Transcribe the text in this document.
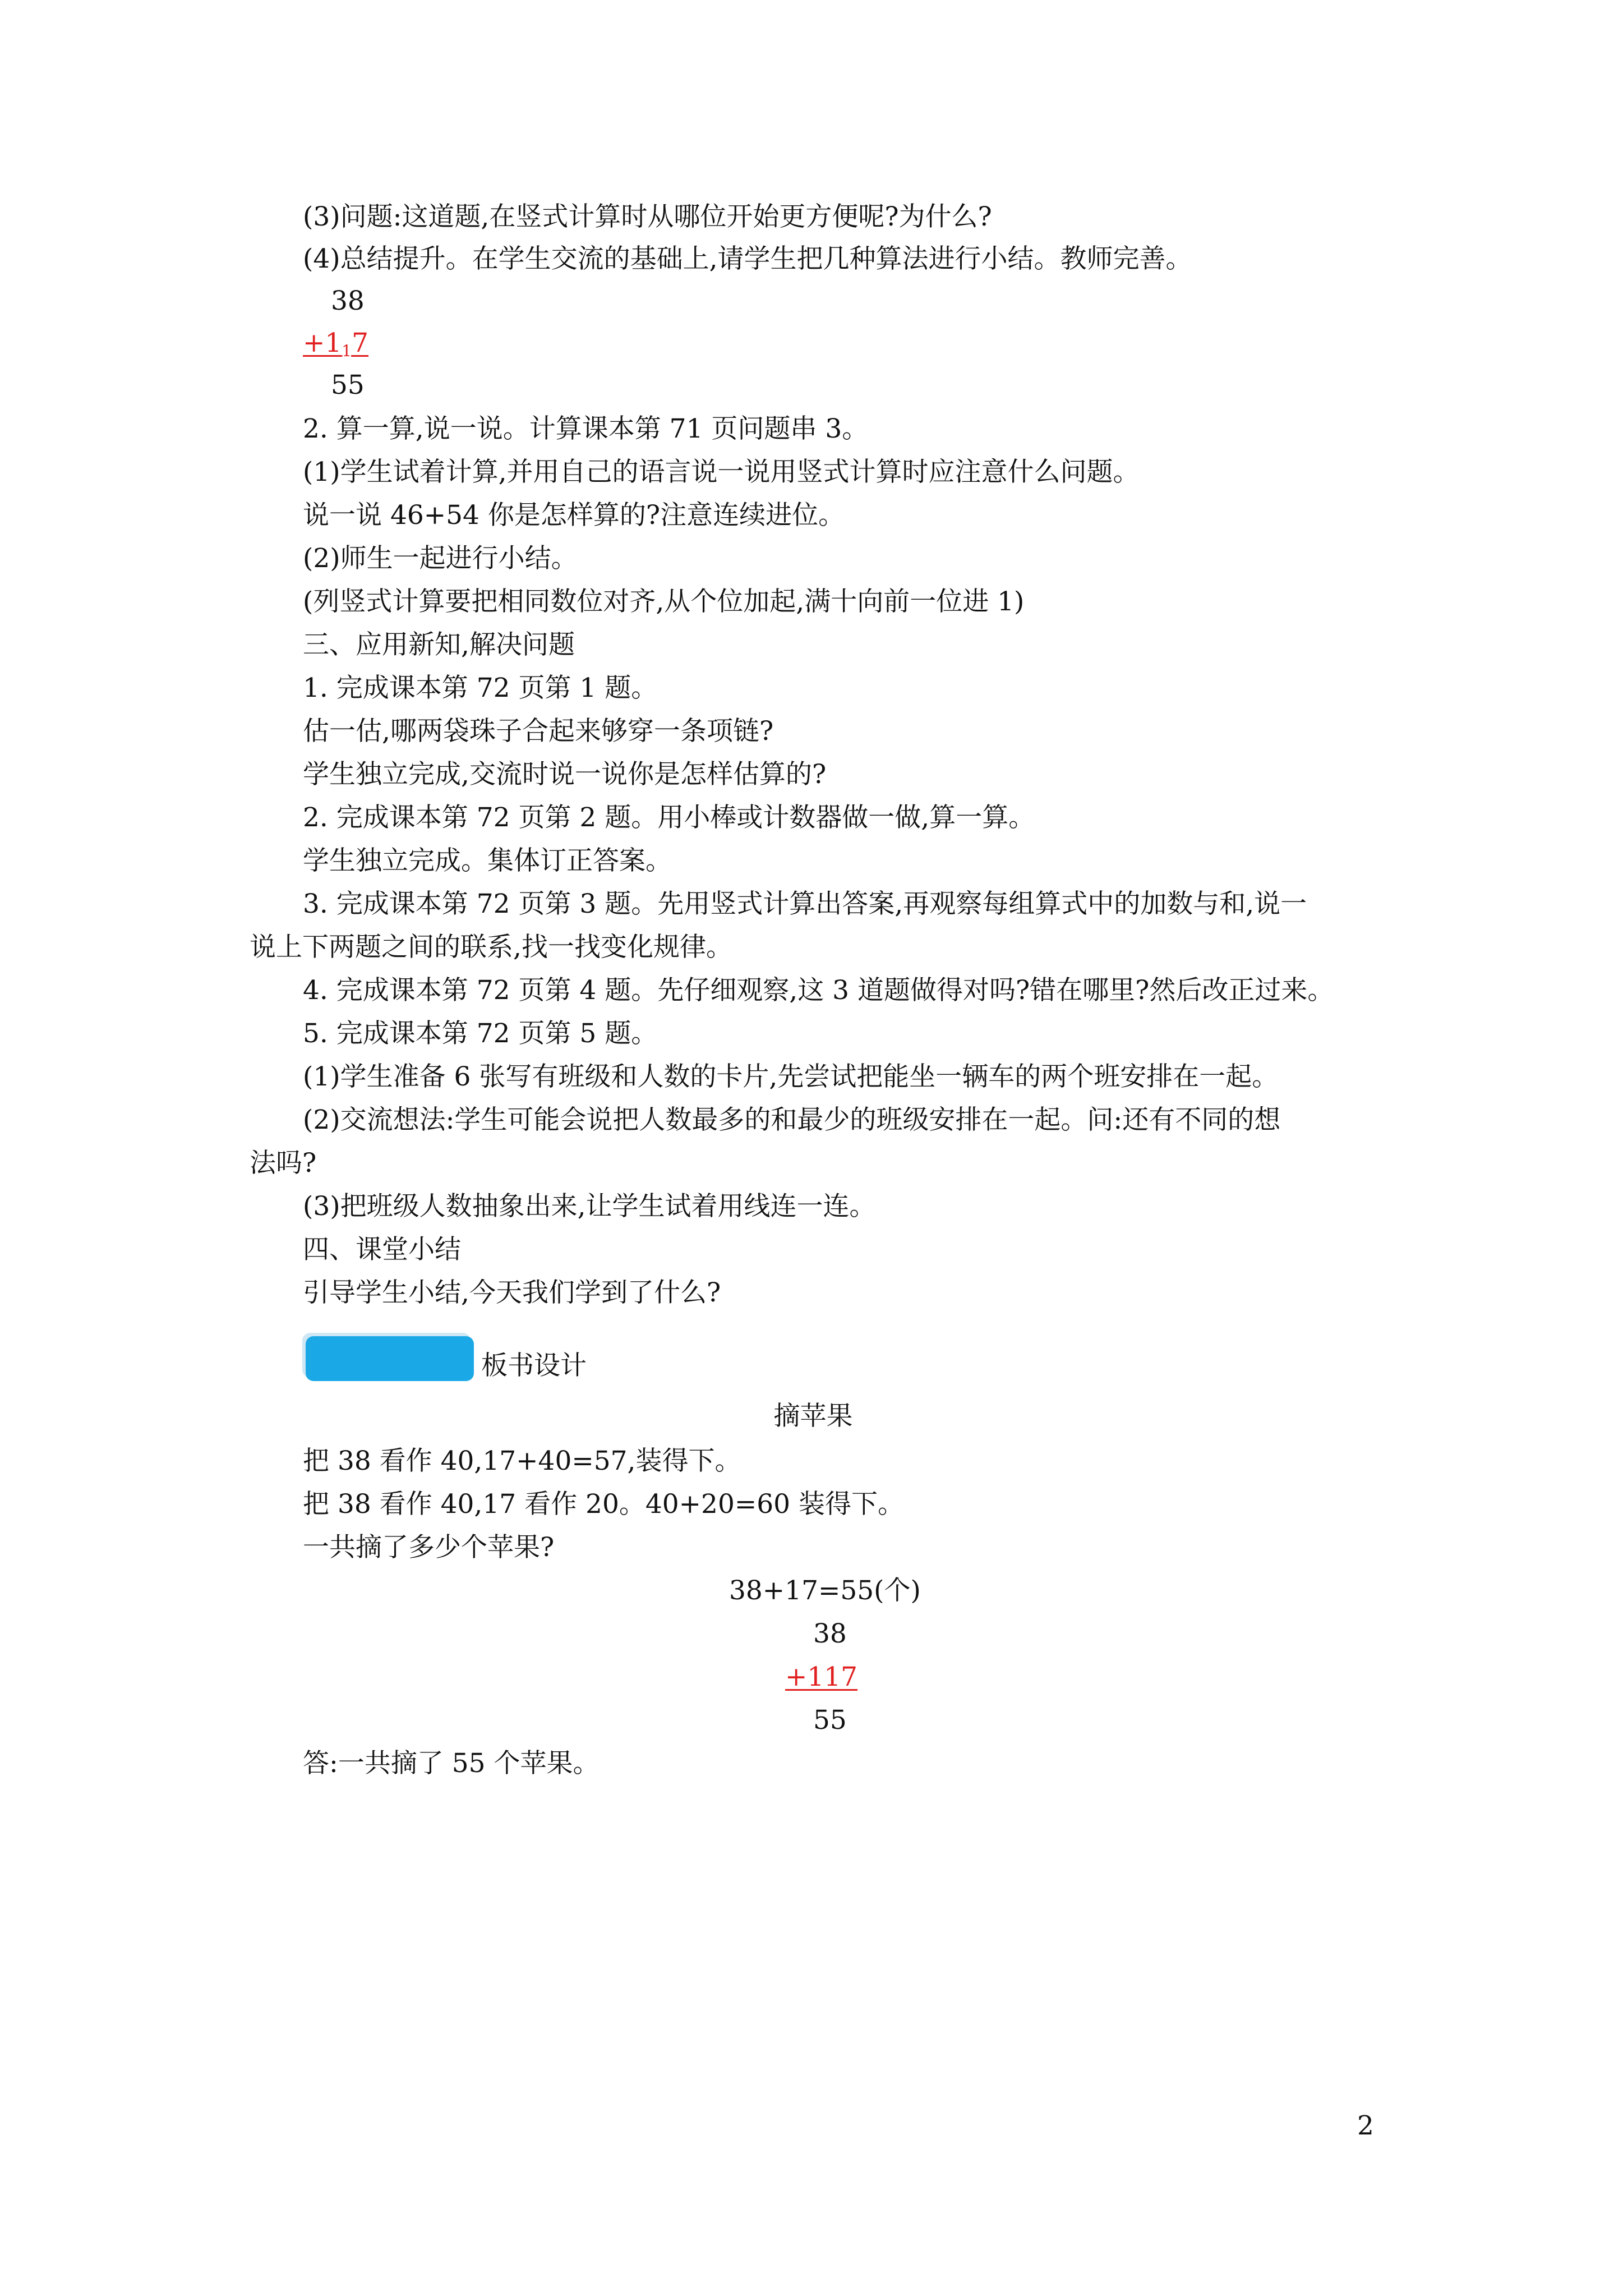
(3)问题:这道题,在竖式计算时从哪位开始更方便呢?为什么?
(4)总结提升。在学生交流的基础上,请学生把几种算法进行小结。教师完善。
38
$+1_17$
55
2. 算一算,说一说。计算课本第 71 页问题串 3。
(1)学生试着计算,并用自己的语言说一说用竖式计算时应注意什么问题。
说一说 46+54 你是怎样算的?注意连续进位。
(2)师生一起进行小结。
(列竖式计算要把相同数位对齐,从个位加起,满十向前一位进 1)
三、应用新知,解决问题
1. 完成课本第 72 页第 1 题。
估一估,哪两袋珠子合起来够穿一条项链?
学生独立完成,交流时说一说你是怎样估算的?
2. 完成课本第 72 页第 2 题。用小棒或计数器做一做,算一算。
学生独立完成。集体订正答案。
3. 完成课本第 72 页第 3 题。先用竖式计算出答案,再观察每组算式中的加数与和,说一
说上下两题之间的联系,找一找变化规律。
4. 完成课本第 72 页第 4 题。先仔细观察,这 3 道题做得对吗?错在哪里?然后改正过来。
5. 完成课本第 72 页第 5 题。
(1)学生准备 6 张写有班级和人数的卡片,先尝试把能坐一辆车的两个班安排在一起。
(2)交流想法:学生可能会说把人数最多的和最少的班级安排在一起。问:还有不同的想
法吗?
(3)把班级人数抽象出来,让学生试着用线连一连。
四、课堂小结
引导学生小结,今天我们学到了什么?
板书设计
摘苹果
把 38 看作 40,17+40=57,装得下。
把 38 看作 40,17 看作 20。40+20=60 装得下。
一共摘了多少个苹果?
38+17=55(个)
38
+117
55
答:一共摘了 55 个苹果。
2
